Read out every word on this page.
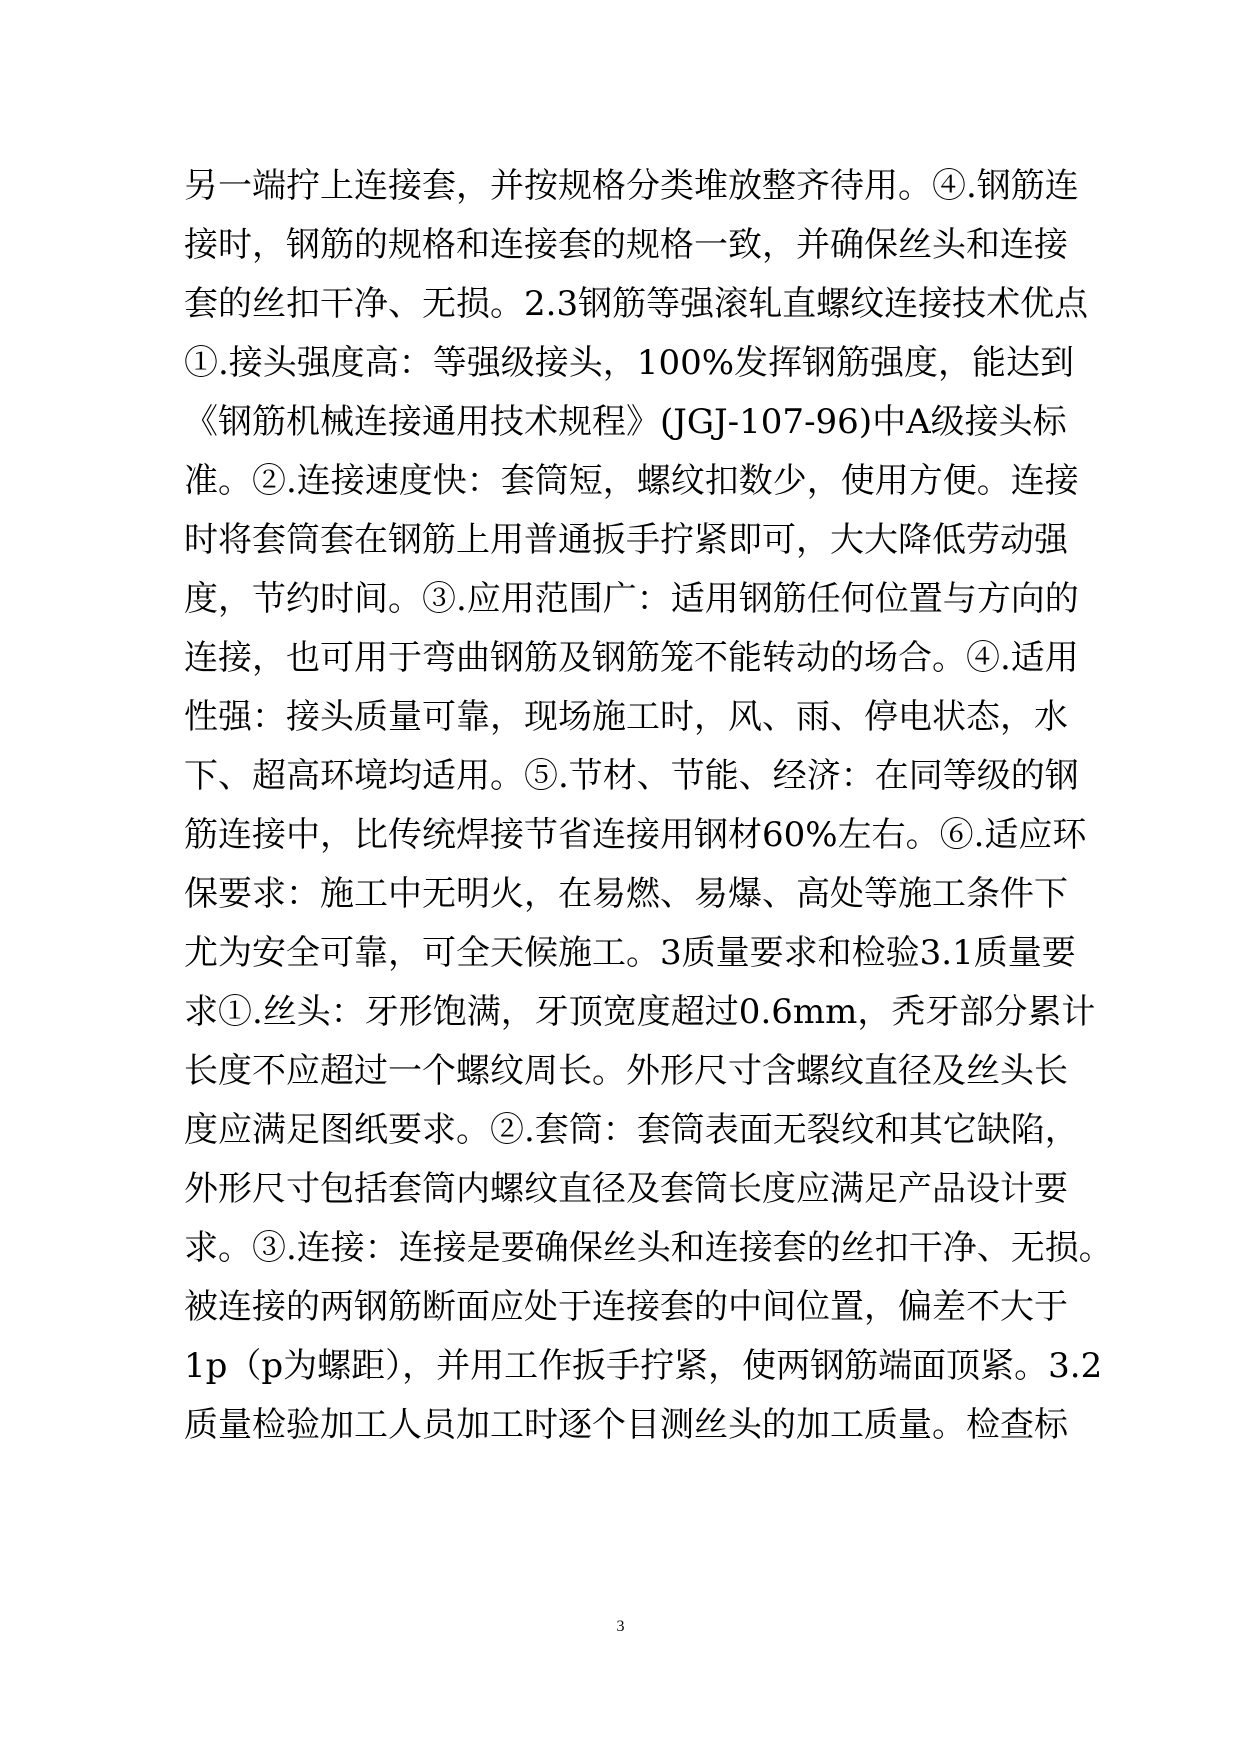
另一端拧上连接套，并按规格分类堆放整齐待用。④.钢筋连
接时，钢筋的规格和连接套的规格一致，并确保丝头和连接
套的丝扣干净、无损。2.3钢筋等强滚轧直螺纹连接技术优点
①.接头强度高：等强级接头，100%发挥钢筋强度，能达到
《钢筋机械连接通用技术规程》(JGJ-107-96)中A级接头标
准。②.连接速度快：套筒短，螺纹扣数少，使用方便。连接
时将套筒套在钢筋上用普通扳手拧紧即可，大大降低劳动强
度，节约时间。③.应用范围广：适用钢筋任何位置与方向的
连接，也可用于弯曲钢筋及钢筋笼不能转动的场合。④.适用
性强：接头质量可靠，现场施工时，风、雨、停电状态，水
下、超高环境均适用。⑤.节材、节能、经济：在同等级的钢
筋连接中，比传统焊接节省连接用钢材60%左右。⑥.适应环
保要求：施工中无明火，在易燃、易爆、高处等施工条件下
尤为安全可靠，可全天候施工。3质量要求和检验3.1质量要
求①.丝头：牙形饱满，牙顶宽度超过0.6mm，秃牙部分累计
长度不应超过一个螺纹周长。外形尺寸含螺纹直径及丝头长
度应满足图纸要求。②.套筒：套筒表面无裂纹和其它缺陷，
外形尺寸包括套筒内螺纹直径及套筒长度应满足产品设计要
求。③.连接：连接是要确保丝头和连接套的丝扣干净、无损。
被连接的两钢筋断面应处于连接套的中间位置，偏差不大于
1p（p为螺距），并用工作扳手拧紧，使两钢筋端面顶紧。3.2
质量检验加工人员加工时逐个目测丝头的加工质量。检查标
3
